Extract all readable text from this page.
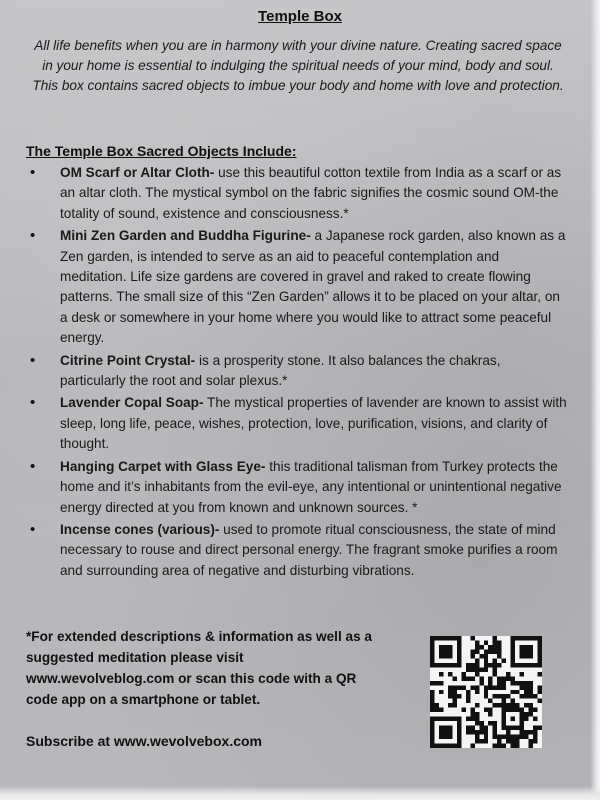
Temple Box
All life benefits when you are in harmony with your divine nature. Creating sacred space in your home is essential to indulging the spiritual needs of your mind, body and soul. This box contains sacred objects to imbue your body and home with love and protection.
The Temple Box Sacred Objects Include:
• OM Scarf or Altar Cloth- use this beautiful cotton textile from India as a scarf or as an altar cloth. The mystical symbol on the fabric signifies the cosmic sound OM-the totality of sound, existence and consciousness.*
• Mini Zen Garden and Buddha Figurine- a Japanese rock garden, also known as a Zen garden, is intended to serve as an aid to peaceful contemplation and meditation. Life size gardens are covered in gravel and raked to create flowing patterns. The small size of this “Zen Garden” allows it to be placed on your altar, on a desk or somewhere in your home where you would like to attract some peaceful energy.
• Citrine Point Crystal- is a prosperity stone. It also balances the chakras, particularly the root and solar plexus.*
• Lavender Copal Soap- The mystical properties of lavender are known to assist with sleep, long life, peace, wishes, protection, love, purification, visions, and clarity of thought.
• Hanging Carpet with Glass Eye- this traditional talisman from Turkey protects the home and it’s inhabitants from the evil-eye, any intentional or unintentional negative energy directed at you from known and unknown sources. *
• Incense cones (various)- used to promote ritual consciousness, the state of mind necessary to rouse and direct personal energy. The fragrant smoke purifies a room and surrounding area of negative and disturbing vibrations.
*For extended descriptions & information as well as a suggested meditation please visit www.wevolveblog.com or scan this code with a QR code app on a smartphone or tablet.
Subscribe at www.wevolvebox.com
